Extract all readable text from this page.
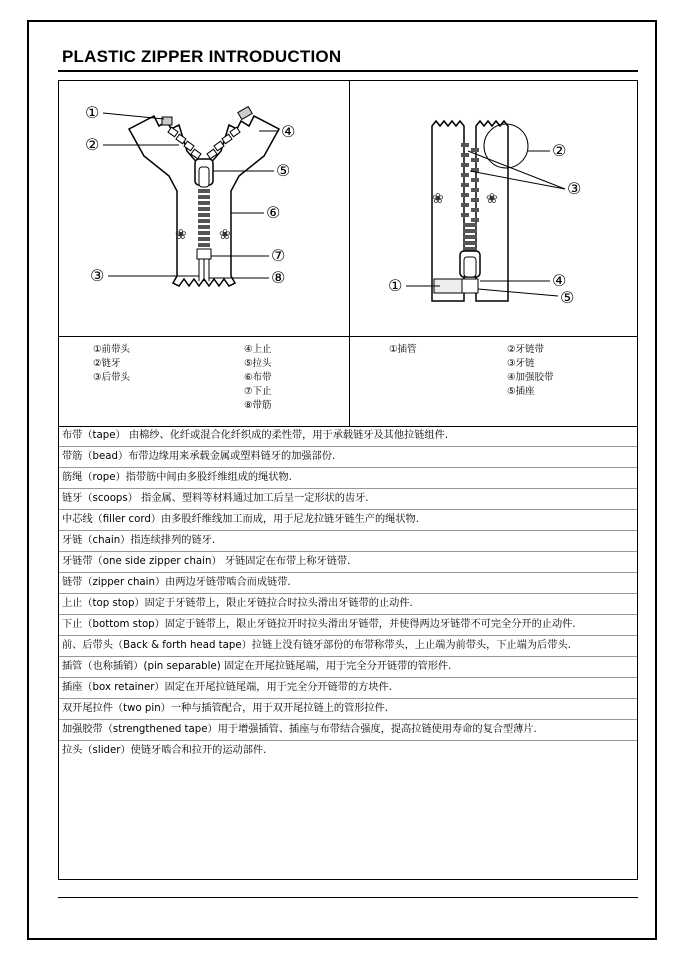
PLASTIC ZIPPER INTRODUCTION
❀ ❀
①
②
③
④
⑤
⑥
⑦
⑧
❀	❀
②
③
①	④
⑤
①前带头
②链牙
③后带头
④上止
⑤拉头
⑥布带
⑦下止
⑧带筋
①插管	②牙链带
③牙链
④加强胶带
⑤插座
布带（tape） 由棉纱、化纤或混合化纤织成的柔性带，用于承载链牙及其他拉链组件.
带筋（bead）布带边缘用来承载金属或塑料链牙的加强部份.
筋绳（rope）指带筋中间由多股纤维组成的绳状物.
链牙（scoops） 指金属、塑料等材料通过加工后呈一定形状的齿牙.
中芯线（filler cord）由多股纤维线加工而成，用于尼龙拉链牙链生产的绳状物.
牙链（chain）指连续排列的链牙.
牙链带（one side zipper chain） 牙链固定在布带上称牙链带.
链带（zipper chain）由两边牙链带啮合而成链带.
上止（top stop）固定于牙链带上，限止牙链拉合时拉头滑出牙链带的止动件.
下止（bottom stop）固定于链带上，限止牙链拉开时拉头滑出牙链带，并使得两边牙链带不可完全分开的止动件.
前、后带头（Back & forth head tape）拉链上没有链牙部份的布带称带头，上止端为前带头，下止端为后带头.
插管（也称插销）(pin separable) 固定在开尾拉链尾端，用于完全分开链带的管形件.
插座（box retainer）固定在开尾拉链尾端，用于完全分开链带的方块件.
双开尾拉件（two pin）一种与插管配合，用于双开尾拉链上的管形拉件.
加强胶带（strengthened tape）用于增强插管、插座与布带结合强度，提高拉链使用寿命的复合型薄片.
拉头（slider）使链牙啮合和拉开的运动部件.
